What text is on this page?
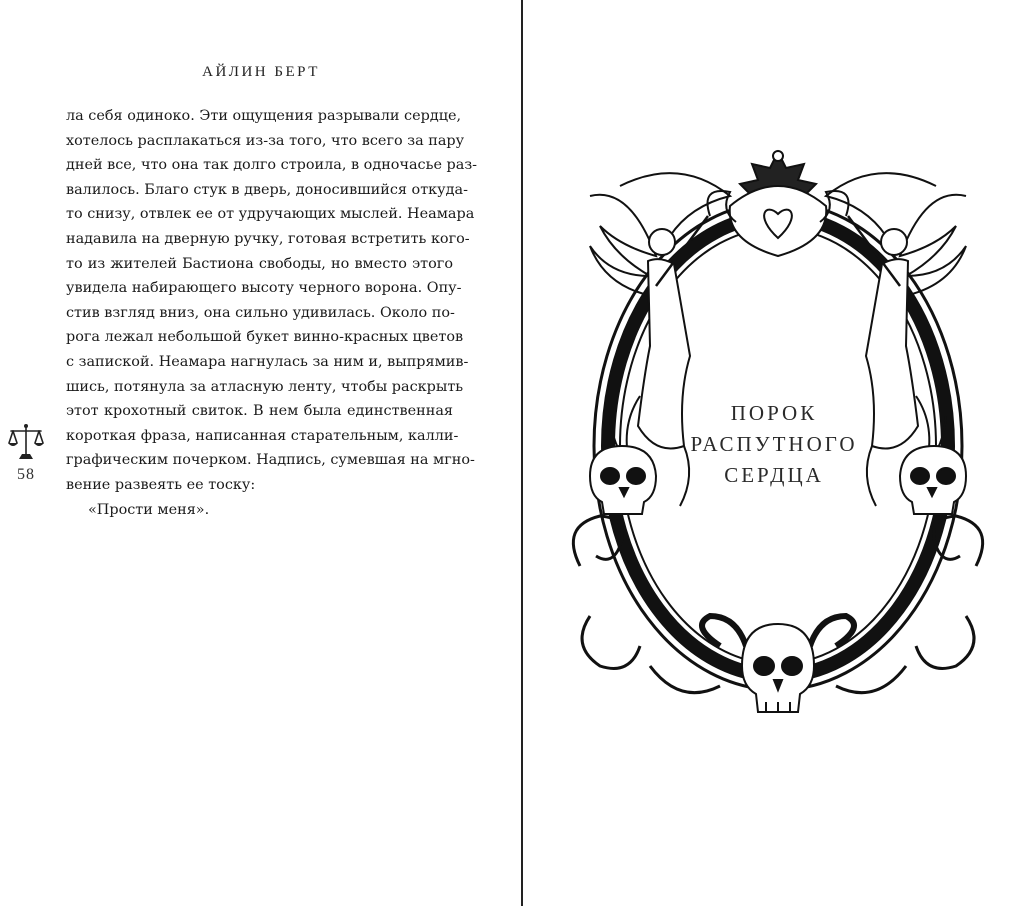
АЙЛИН БЕРТ
ла себя одиноко. Эти ощущения разрывали сердце,
хотелось расплакаться из-за того, что всего за пару
дней все, что она так долго строила, в одночасье раз-
валилось. Благо стук в дверь, доносившийся откуда-
то снизу, отвлек ее от удручающих мыслей. Неамара
надавила на дверную ручку, готовая встретить кого-
то из жителей Бастиона свободы, но вместо этого
увидела набирающего высоту черного ворона. Опу-
стив взгляд вниз, она сильно удивилась. Около по-
рога лежал небольшой букет винно-красных цветов
с запиской. Неамара нагнулась за ним и, выпрямив-
шись, потянула за атласную ленту, чтобы раскрыть
этот крохотный свиток. В нем была единственная
короткая фраза, написанная старательным, калли-
графическим почерком. Надпись, сумевшая на мгно-
вение развеять ее тоску:
«Прости меня».
58
ПОРОК
РАСПУТНОГО
СЕРДЦА
